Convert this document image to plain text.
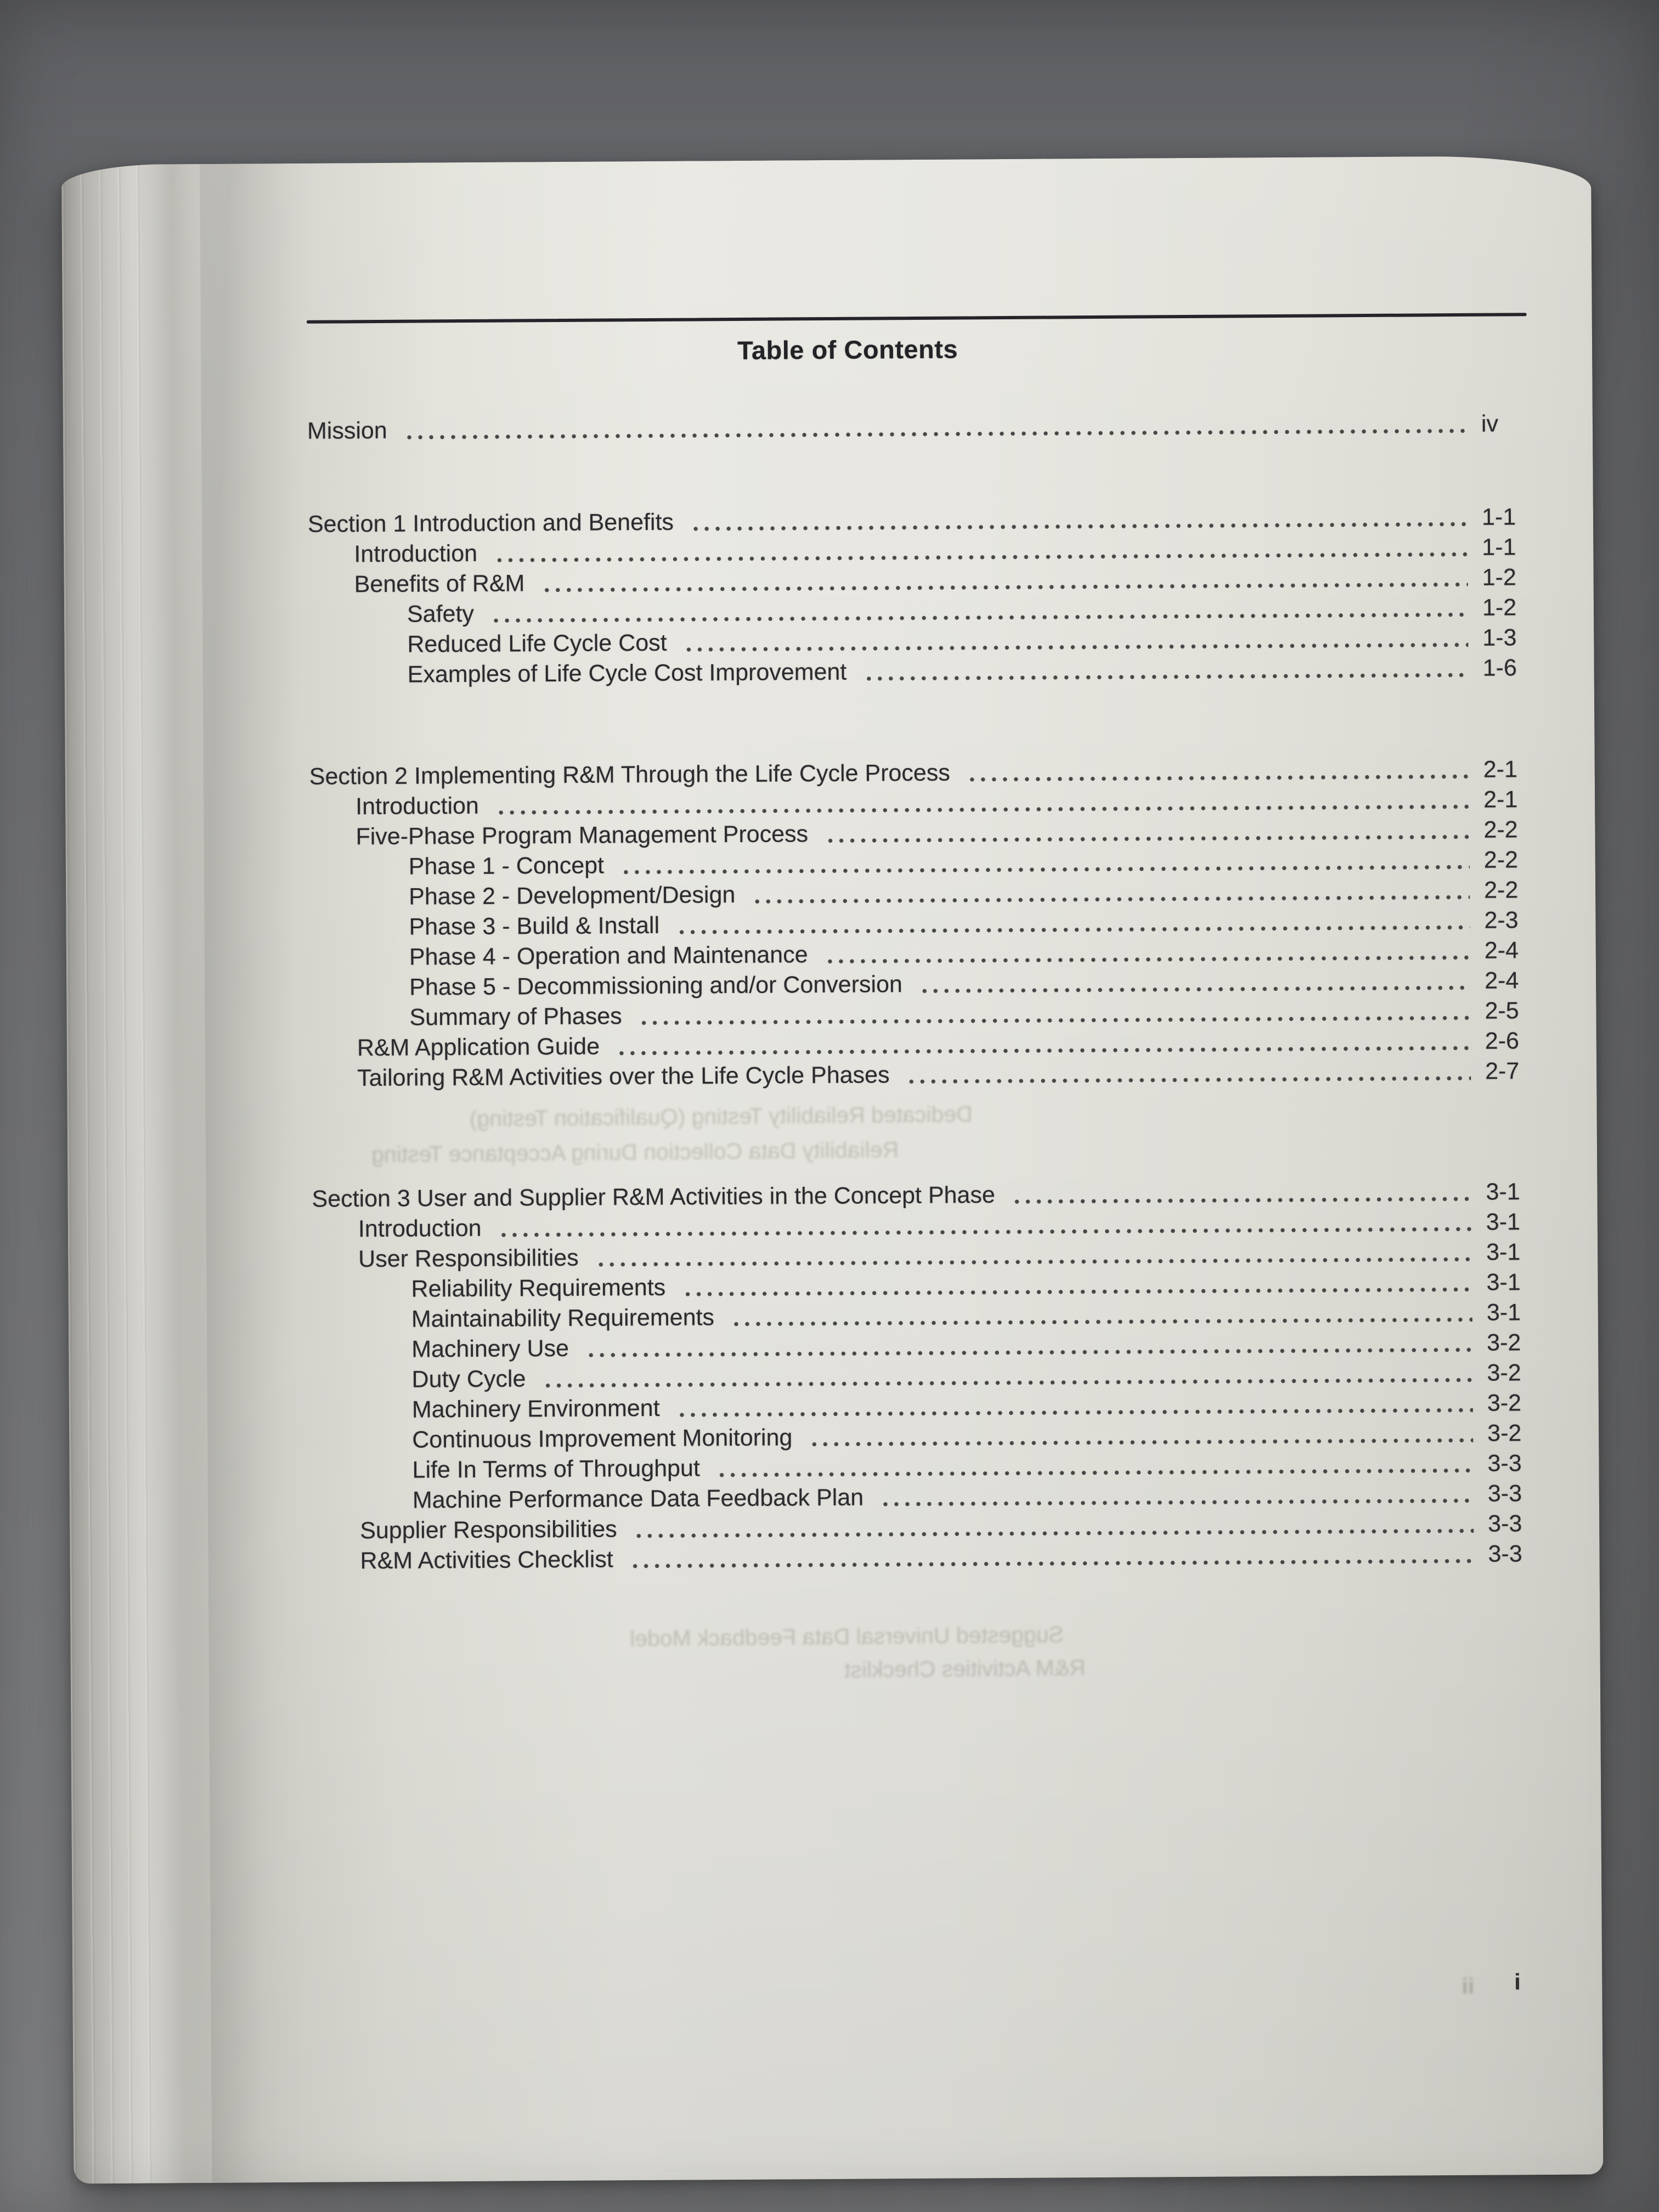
Dedicated Reliability Testing (Qualification Testing)
Reliability Data Collection During Acceptance Testing
Suggested Universal Data Feedback Model
R&M Activities Checklist
Table of Contents
Mission	iv
Section 1 Introduction and Benefits	1-1
Introduction	1-1
Benefits of R&M	1-2
Safety	1-2
Reduced Life Cycle Cost	1-3
Examples of Life Cycle Cost Improvement	1-6
Section 2 Implementing R&M Through the Life Cycle Process	2-1
Introduction	2-1
Five-Phase Program Management Process	2-2
Phase 1 - Concept	2-2
Phase 2 - Development/Design	2-2
Phase 3 - Build & Install	2-3
Phase 4 - Operation and Maintenance	2-4
Phase 5 - Decommissioning and/or Conversion	2-4
Summary of Phases	2-5
R&M Application Guide	2-6
Tailoring R&M Activities over the Life Cycle Phases	2-7
Section 3 User and Supplier R&M Activities in the Concept Phase	3-1
Introduction	3-1
User Responsibilities	3-1
Reliability Requirements	3-1
Maintainability Requirements	3-1
Machinery Use	3-2
Duty Cycle	3-2
Machinery Environment	3-2
Continuous Improvement Monitoring	3-2
Life In Terms of Throughput	3-3
Machine Performance Data Feedback Plan	3-3
Supplier Responsibilities	3-3
R&M Activities Checklist	3-3
ii i
